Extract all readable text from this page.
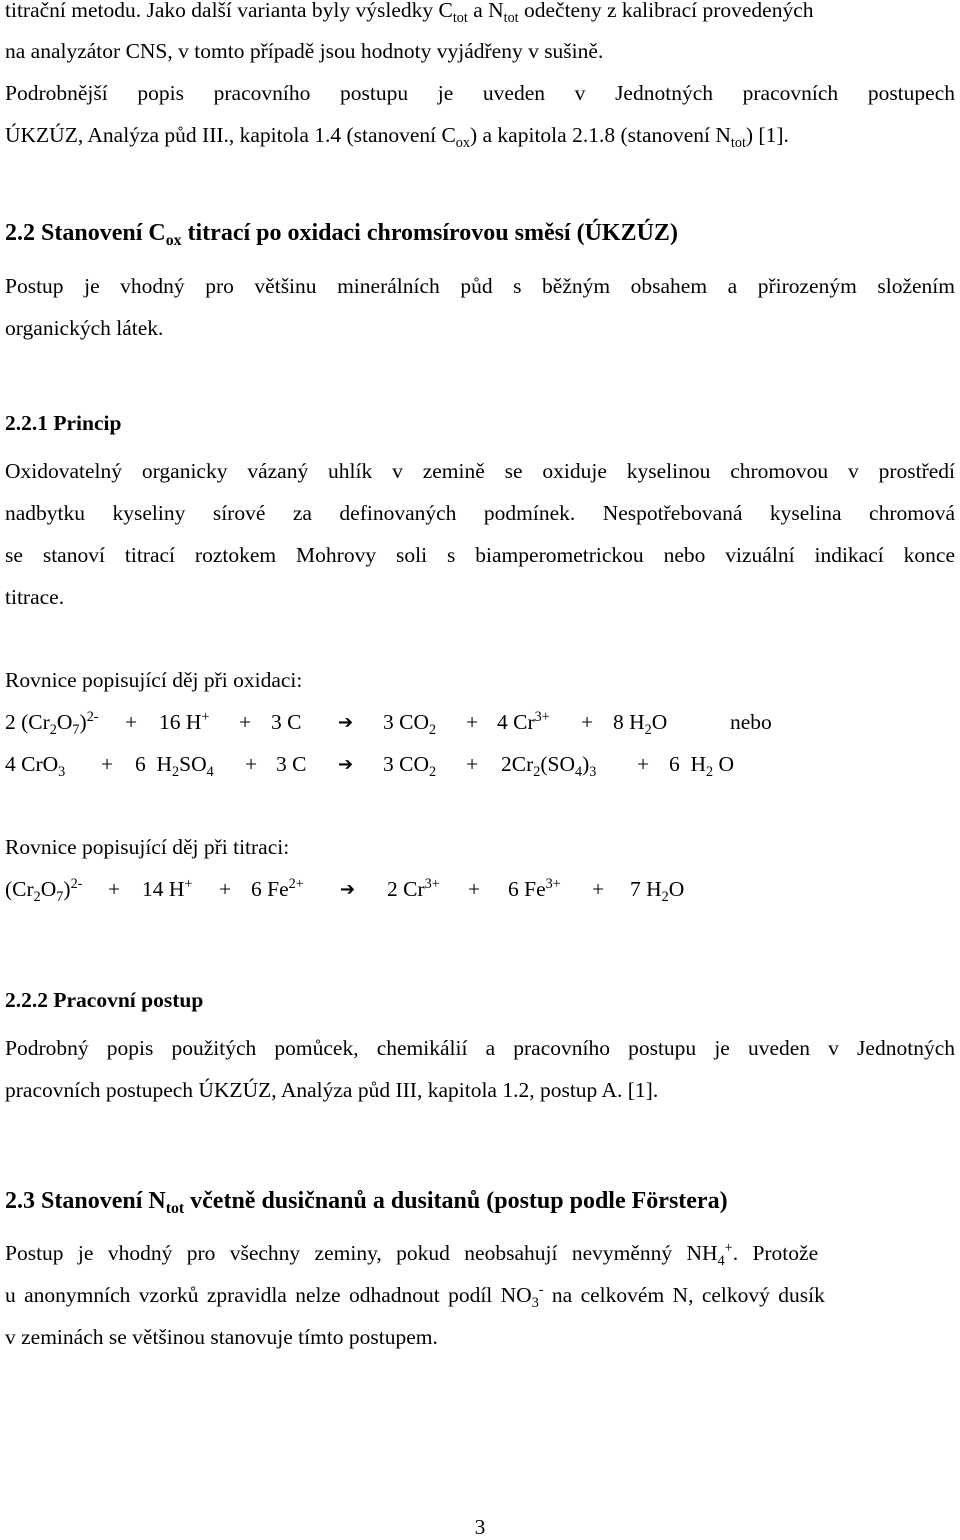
titrační metodu. Jako další varianta byly výsledky $C_{tot}$ a $N_{tot}$ odečteny z kalibrací provedených
na analyzátor CNS, v tomto případě jsou hodnoty vyjádřeny v sušině.
Podrobnější popis pracovního postupu je uveden v Jednotných pracovních postupech
ÚKZÚZ, Analýza půd III., kapitola 1.4 (stanovení $C_{ox}$) a kapitola 2.1.8 (stanovení $N_{tot}$) [1].
2.2 Stanovení $C_{ox}$ titrací po oxidaci chromsírovou směsí (ÚKZÚZ)
Postup je vhodný pro většinu minerálních půd s běžným obsahem a přirozeným složením
organických látek.
2.2.1 Princip
Oxidovatelný organicky vázaný uhlík v zemině se oxiduje kyselinou chromovou v prostředí
nadbytku kyseliny sírové za definovaných podmínek. Nespotřebovaná kyselina chromová
se stanoví titrací roztokem Mohrovy soli s biamperometrickou nebo vizuální indikací konce
titrace.
Rovnice popisující děj při oxidaci:
2 $(Cr_2O_7)^{2-} + 16$ H+ + 3 C ➔ 3 $CO_2 + 4$ $Cr^{3+} + 8$ $H_2O$	nebo
4 CrO$_3$ + 6  $H_2SO_4 + 3$ C ➔ 3 $CO_2 + 2Cr_2(SO_4)_3 + 6$  $H_2$ O
Rovnice popisující děj při titraci:
$(Cr_2O_7)^{2-} + 14$ H+ + 6 $Fe^{2+}$ ➔ 2 $Cr^{3+} + 6$ $Fe^{3+} + 7$ $H_2O$
2.2.2 Pracovní postup
Podrobný popis použitých pomůcek, chemikálií a pracovního postupu je uveden v Jednotných
pracovních postupech ÚKZÚZ, Analýza půd III, kapitola 1.2, postup A. [1].
2.3 Stanovení $N_{tot}$ včetně dusičnanů a dusitanů (postup podle Förstera)
Postup je vhodný pro všechny zeminy, pokud neobsahují nevyměnný $NH_4^+$. Protože
u anonymních vzorků zpravidla nelze odhadnout podíl $NO_3^-$ na celkovém N, celkový dusík
v zeminách se většinou stanovuje tímto postupem.
3
